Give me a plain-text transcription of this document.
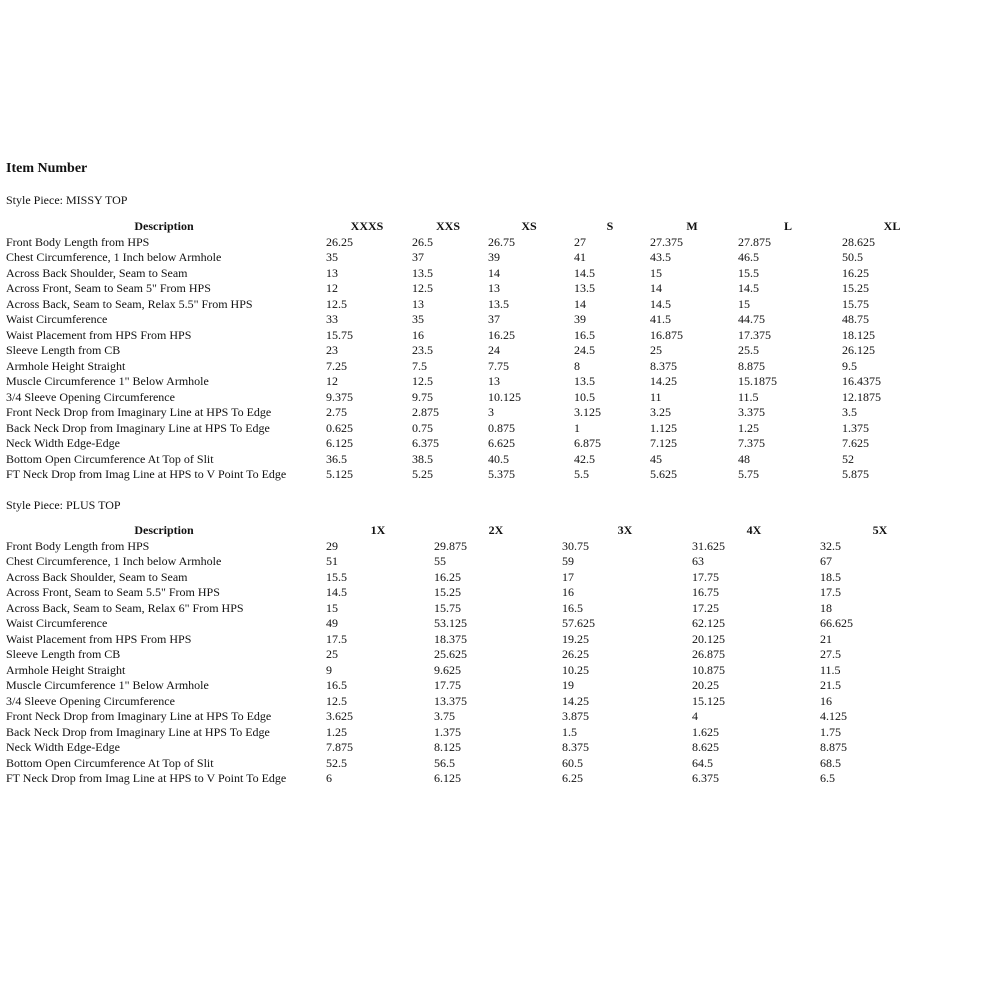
Item Number
Style Piece: MISSY TOP
Description	XXXS	XXS	XS	S	M	L	XL
Front Body Length from HPS	26.25	26.5	26.75	27	27.375	27.875	28.625
Chest Circumference, 1 Inch below Armhole	35	37	39	41	43.5	46.5	50.5
Across Back Shoulder, Seam to Seam	13	13.5	14	14.5	15	15.5	16.25
Across Front, Seam to Seam 5" From HPS	12	12.5	13	13.5	14	14.5	15.25
Across Back, Seam to Seam, Relax 5.5" From HPS	12.5	13	13.5	14	14.5	15	15.75
Waist Circumference	33	35	37	39	41.5	44.75	48.75
Waist Placement from HPS From HPS	15.75	16	16.25	16.5	16.875	17.375	18.125
Sleeve Length from CB	23	23.5	24	24.5	25	25.5	26.125
Armhole Height Straight	7.25	7.5	7.75	8	8.375	8.875	9.5
Muscle Circumference 1" Below Armhole	12	12.5	13	13.5	14.25	15.1875	16.4375
3/4 Sleeve Opening Circumference	9.375	9.75	10.125	10.5	11	11.5	12.1875
Front Neck Drop from Imaginary Line at HPS To Edge	2.75	2.875	3	3.125	3.25	3.375	3.5
Back Neck Drop from Imaginary Line at HPS To Edge	0.625	0.75	0.875	1	1.125	1.25	1.375
Neck Width Edge-Edge	6.125	6.375	6.625	6.875	7.125	7.375	7.625
Bottom Open Circumference At Top of Slit	36.5	38.5	40.5	42.5	45	48	52
FT Neck Drop from Imag Line at HPS to V Point To Edge	5.125	5.25	5.375	5.5	5.625	5.75	5.875
Style Piece: PLUS TOP
Description	1X	2X	3X	4X	5X
Front Body Length from HPS	29	29.875	30.75	31.625	32.5
Chest Circumference, 1 Inch below Armhole	51	55	59	63	67
Across Back Shoulder, Seam to Seam	15.5	16.25	17	17.75	18.5
Across Front, Seam to Seam 5.5" From HPS	14.5	15.25	16	16.75	17.5
Across Back, Seam to Seam, Relax 6" From HPS	15	15.75	16.5	17.25	18
Waist Circumference	49	53.125	57.625	62.125	66.625
Waist Placement from HPS From HPS	17.5	18.375	19.25	20.125	21
Sleeve Length from CB	25	25.625	26.25	26.875	27.5
Armhole Height Straight	9	9.625	10.25	10.875	11.5
Muscle Circumference 1" Below Armhole	16.5	17.75	19	20.25	21.5
3/4 Sleeve Opening Circumference	12.5	13.375	14.25	15.125	16
Front Neck Drop from Imaginary Line at HPS To Edge	3.625	3.75	3.875	4	4.125
Back Neck Drop from Imaginary Line at HPS To Edge	1.25	1.375	1.5	1.625	1.75
Neck Width Edge-Edge	7.875	8.125	8.375	8.625	8.875
Bottom Open Circumference At Top of Slit	52.5	56.5	60.5	64.5	68.5
FT Neck Drop from Imag Line at HPS to V Point To Edge	6	6.125	6.25	6.375	6.5
